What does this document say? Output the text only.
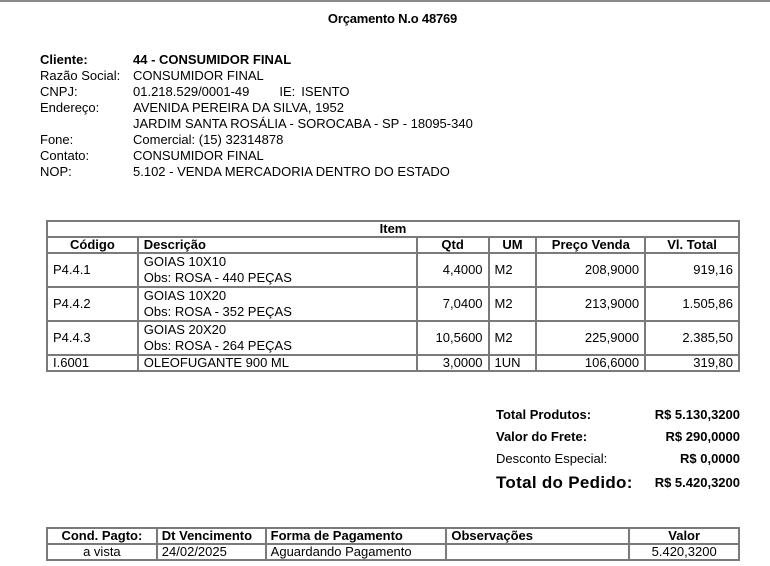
Orçamento N.o 48769
Cliente:	44 - CONSUMIDOR FINAL
Razão Social: CONSUMIDOR FINAL
CNPJ:	01.218.529/0001-49 IE: ISENTO
Endereço:	AVENIDA PEREIRA DA SILVA, 1952
JARDIM SANTA ROSÁLIA - SOROCABA - SP - 18095-340
Fone:	Comercial: (15) 32314878
Contato:	CONSUMIDOR FINAL
NOP:	5.102 - VENDA MERCADORIA DENTRO DO ESTADO
Item					
Código	Descrição	Qtd	UM	Preço Venda	Vl. Total
P4.4.1	GOIAS 10X10
Obs: ROSA - 440 PEÇAS	4,4000	M2	208,9000	919,16
P4.4.2	GOIAS 10X20
Obs: ROSA - 352 PEÇAS	7,0400	M2	213,9000	1.505,86
P4.4.3	GOIAS 20X20
Obs: ROSA - 264 PEÇAS	10,5600	M2	225,9000	2.385,50
I.6001	OLEOFUGANTE 900 ML	3,0000	1UN	106,6000	319,80
Total Produtos:	R$ 5.130,3200
Valor do Frete:	R$ 290,0000
Desconto Especial:	R$ 0,0000
Total do Pedido: R$ 5.420,3200
Cond. Pagto:	Dt Vencimento	Forma de Pagamento	Observações	Valor
a vista	24/02/2025	Aguardando Pagamento		5.420,3200
